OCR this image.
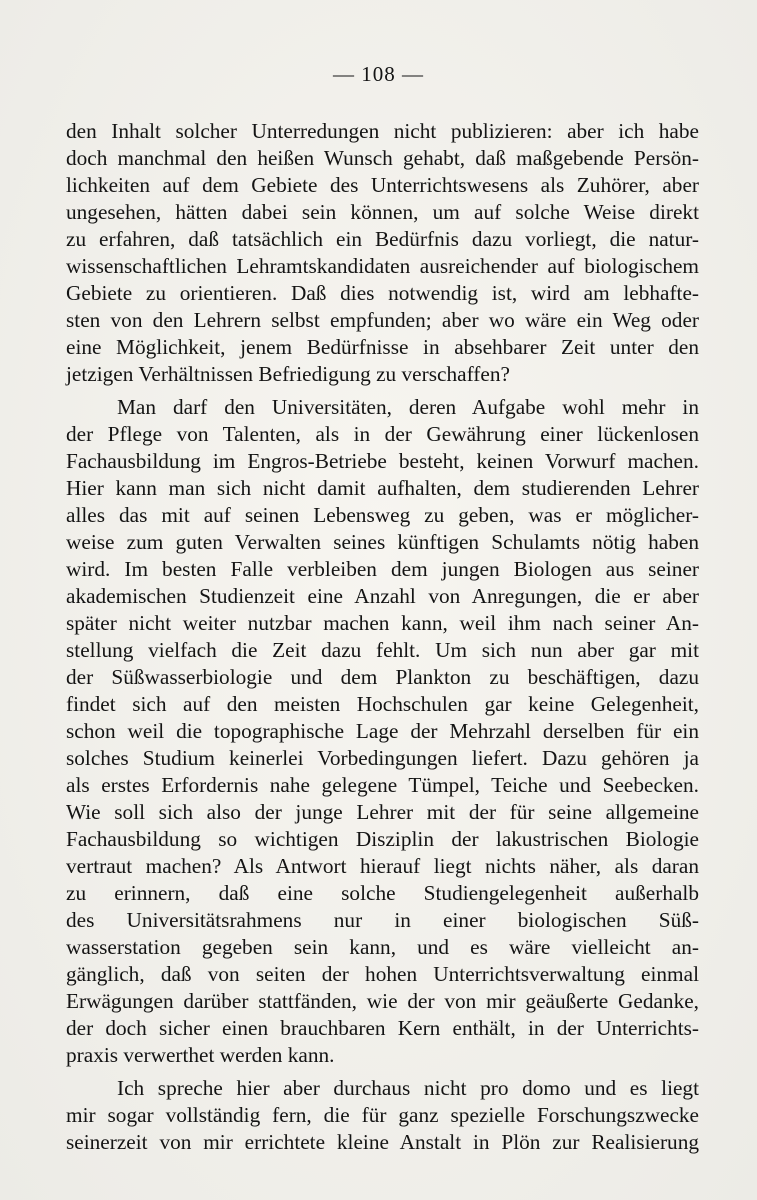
— 108 —
den Inhalt solcher Unterredungen nicht publizieren: aber ich habe
doch manchmal den heißen Wunsch gehabt, daß maßgebende Persön-
lichkeiten auf dem Gebiete des Unterrichtswesens als Zuhörer, aber
ungesehen, hätten dabei sein können, um auf solche Weise direkt
zu erfahren, daß tatsächlich ein Bedürfnis dazu vorliegt, die natur-
wissenschaftlichen Lehramtskandidaten ausreichender auf biologischem
Gebiete zu orientieren. Daß dies notwendig ist, wird am lebhafte-
sten von den Lehrern selbst empfunden; aber wo wäre ein Weg oder
eine Möglichkeit, jenem Bedürfnisse in absehbarer Zeit unter den
jetzigen Verhältnissen Befriedigung zu verschaffen?
Man darf den Universitäten, deren Aufgabe wohl mehr in
der Pflege von Talenten, als in der Gewährung einer lückenlosen
Fachausbildung im Engros-Betriebe besteht, keinen Vorwurf machen.
Hier kann man sich nicht damit aufhalten, dem studierenden Lehrer
alles das mit auf seinen Lebensweg zu geben, was er möglicher-
weise zum guten Verwalten seines künftigen Schulamts nötig haben
wird. Im besten Falle verbleiben dem jungen Biologen aus seiner
akademischen Studienzeit eine Anzahl von Anregungen, die er aber
später nicht weiter nutzbar machen kann, weil ihm nach seiner An-
stellung vielfach die Zeit dazu fehlt. Um sich nun aber gar mit
der Süßwasserbiologie und dem Plankton zu beschäftigen, dazu
findet sich auf den meisten Hochschulen gar keine Gelegenheit,
schon weil die topographische Lage der Mehrzahl derselben für ein
solches Studium keinerlei Vorbedingungen liefert. Dazu gehören ja
als erstes Erfordernis nahe gelegene Tümpel, Teiche und Seebecken.
Wie soll sich also der junge Lehrer mit der für seine allgemeine
Fachausbildung so wichtigen Disziplin der lakustrischen Biologie
vertraut machen? Als Antwort hierauf liegt nichts näher, als daran
zu erinnern, daß eine solche Studiengelegenheit außerhalb
des Universitätsrahmens nur in einer biologischen Süß-
wasserstation gegeben sein kann, und es wäre vielleicht an-
gänglich, daß von seiten der hohen Unterrichtsverwaltung einmal
Erwägungen darüber stattfänden, wie der von mir geäußerte Gedanke,
der doch sicher einen brauchbaren Kern enthält, in der Unterrichts-
praxis verwerthet werden kann.
Ich spreche hier aber durchaus nicht pro domo und es liegt
mir sogar vollständig fern, die für ganz spezielle Forschungszwecke
seinerzeit von mir errichtete kleine Anstalt in Plön zur Realisierung
